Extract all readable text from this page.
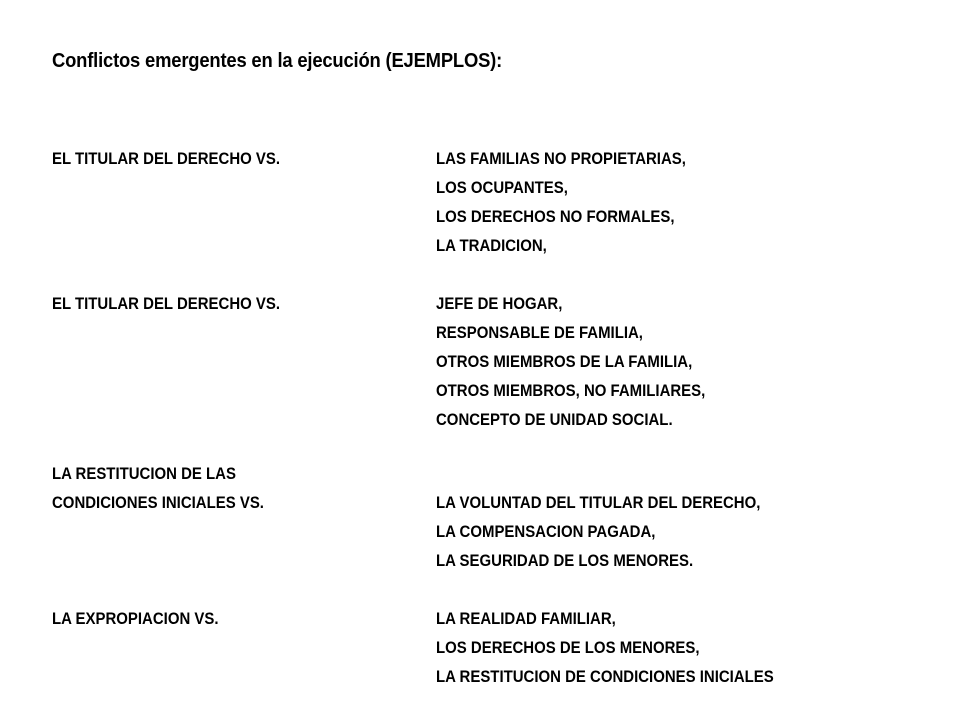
Conflictos emergentes en la ejecución (EJEMPLOS):
EL TITULAR DEL DERECHO VS.	LAS FAMILIAS NO PROPIETARIAS,
LOS OCUPANTES,
LOS DERECHOS NO FORMALES,
LA TRADICION,
EL TITULAR DEL DERECHO VS.	JEFE DE HOGAR,
RESPONSABLE DE FAMILIA,
OTROS MIEMBROS DE LA FAMILIA,
OTROS MIEMBROS, NO FAMILIARES,
CONCEPTO DE UNIDAD SOCIAL.
LA RESTITUCION DE LAS
CONDICIONES INICIALES VS.	LA VOLUNTAD DEL TITULAR DEL DERECHO,
LA COMPENSACION PAGADA,
LA SEGURIDAD DE LOS MENORES.
LA EXPROPIACION VS.	LA REALIDAD FAMILIAR,
LOS DERECHOS DE LOS MENORES,
LA RESTITUCION DE CONDICIONES INICIALES
